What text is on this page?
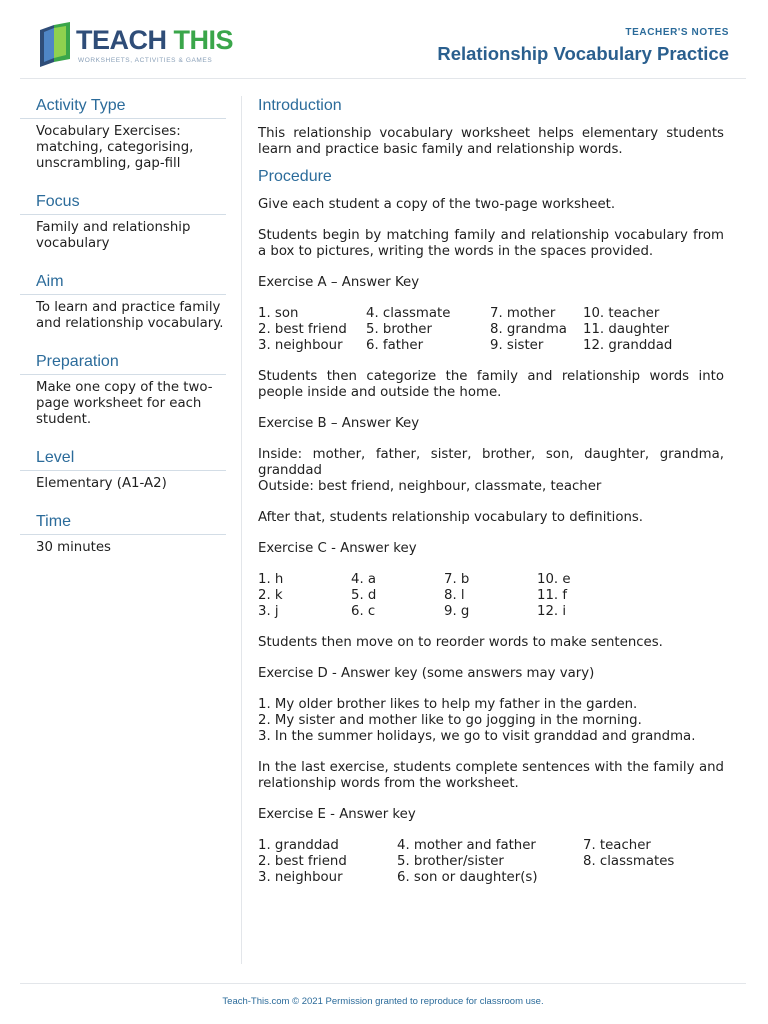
TEACH THIS
WORKSHEETS, ACTIVITIES & GAMES
TEACHER'S NOTES
Relationship Vocabulary Practice
Activity Type
Vocabulary Exercises: matching, categorising, unscrambling, gap-fill
Focus
Family and relationship vocabulary
Aim
To learn and practice family and relationship vocabulary.
Preparation
Make one copy of the two-page worksheet for each student.
Level
Elementary (A1-A2)
Time
30 minutes
Introduction

This relationship vocabulary worksheet helps elementary students learn and practice basic family and relationship words.

Procedure

Give each student a copy of the two-page worksheet.

Students begin by matching family and relationship vocabulary from a box to pictures, writing the words in the spaces provided.

Exercise A – Answer Key

1. son	4. classmate	7. mother	10. teacher
2. best friend	5. brother	8. grandma	11. daughter
3. neighbour	6. father	9. sister	12. granddad

Students then categorize the family and relationship words into people inside and outside the home.

Exercise B – Answer Key

Inside: mother, father, sister, brother, son, daughter, grandma, granddad
Outside: best friend, neighbour, classmate, teacher

After that, students relationship vocabulary to definitions.

Exercise C - Answer key

1. h	4. a	7. b	10. e
2. k	5. d	8. l	11. f
3. j	6. c	9. g	12. i

Students then move on to reorder words to make sentences.

Exercise D - Answer key (some answers may vary)

1. My older brother likes to help my father in the garden.
2. My sister and mother like to go jogging in the morning.
3. In the summer holidays, we go to visit granddad and grandma.

In the last exercise, students complete sentences with the family and relationship words from the worksheet.

Exercise E - Answer key

1. granddad	4. mother and father	7. teacher
2. best friend	5. brother/sister	8. classmates
3. neighbour	6. son or daughter(s)	
Teach-This.com © 2021 Permission granted to reproduce for classroom use.
